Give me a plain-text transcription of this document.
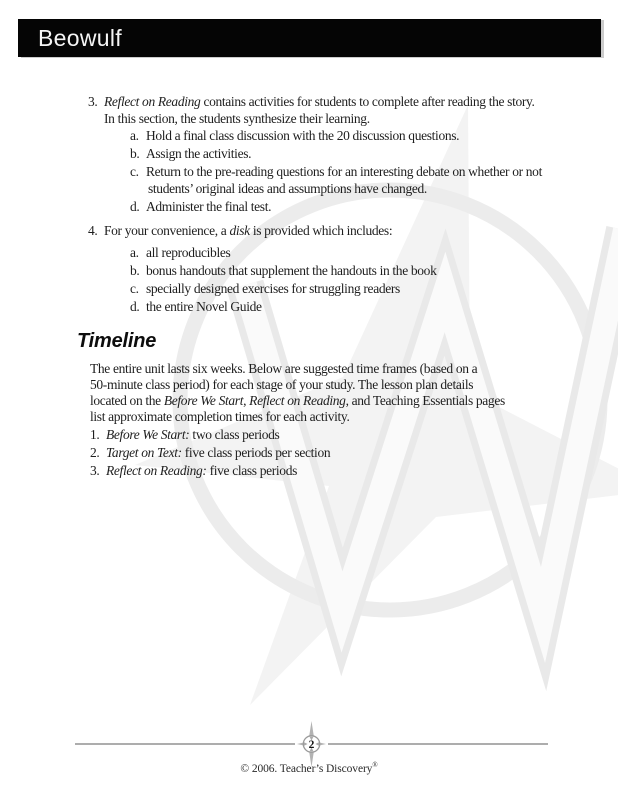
Beowulf
3. Reflect on Reading contains activities for students to complete after reading the story.
In this section, the students synthesize their learning.
a. Hold a final class discussion with the 20 discussion questions.
b. Assign the activities.
c. Return to the pre-reading questions for an interesting debate on whether or not
students’ original ideas and assumptions have changed.
d. Administer the final test.
4. For your convenience, a disk is provided which includes:
a. all reproducibles
b. bonus handouts that supplement the handouts in the book
c. specially designed exercises for struggling readers
d. the entire Novel Guide
Timeline
The entire unit lasts six weeks. Below are suggested time frames (based on a
50-minute class period) for each stage of your study. The lesson plan details
located on the Before We Start, Reflect on Reading, and Teaching Essentials pages
list approximate completion times for each activity.
1. Before We Start: two class periods
2. Target on Text: five class periods per section
3. Reflect on Reading: five class periods
2
© 2006. Teacher’s Discovery®
